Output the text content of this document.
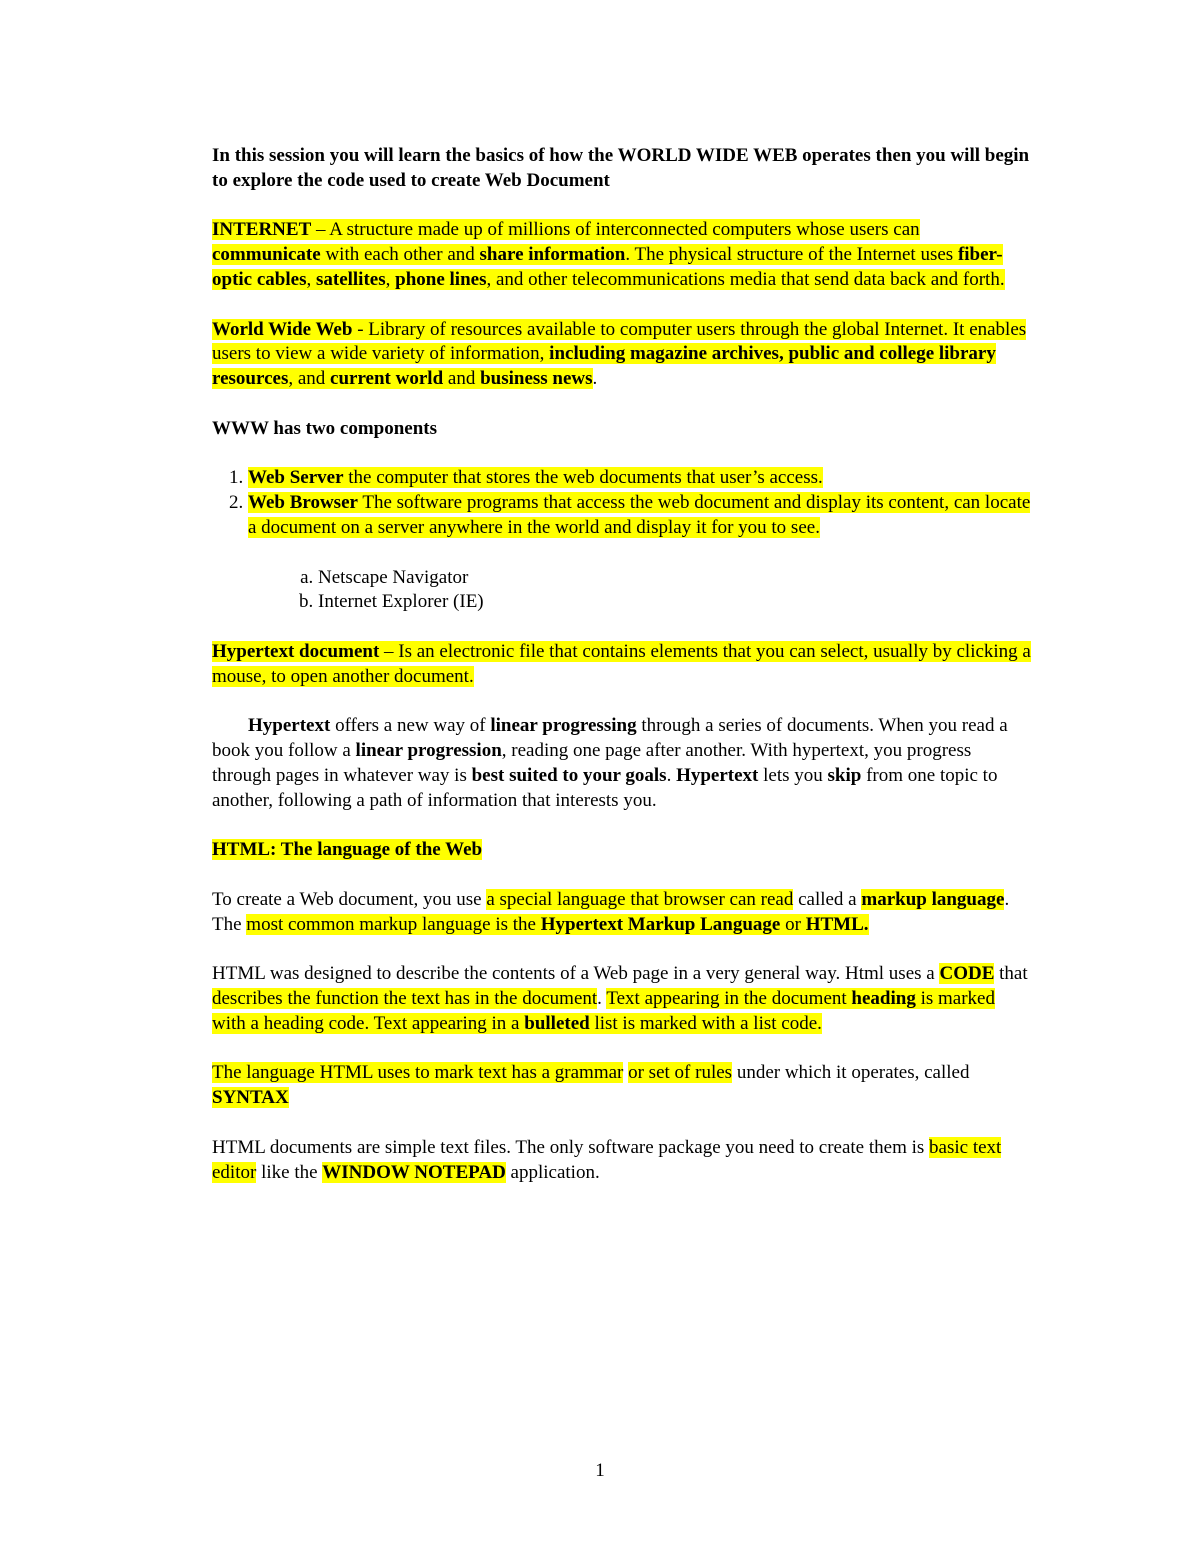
In this session you will learn the basics of how the WORLD WIDE WEB operates then you will begin to explore the code used to create Web Document

INTERNET – A structure made up of millions of interconnected computers whose users can communicate with each other and share information. The physical structure of the Internet uses fiber-optic cables, satellites, phone lines, and other telecommunications media that send data back and forth.

World Wide Web - Library of resources available to computer users through the global Internet. It enables users to view a wide variety of information, including magazine archives, public and college library resources, and current world and business news.

WWW has two components

1. Web Server the computer that stores the web documents that user’s access.
2. Web Browser The software programs that access the web document and display its content, can locate a document on a server anywhere in the world and display it for you to see.
a. Netscape Navigator
b. Internet Explorer (IE)

Hypertext document – Is an electronic file that contains elements that you can select, usually by clicking a mouse, to open another document.

Hypertext offers a new way of linear progressing through a series of documents. When you read a book you follow a linear progression, reading one page after another. With hypertext, you progress through pages in whatever way is best suited to your goals. Hypertext lets you skip from one topic to another, following a path of information that interests you.

HTML: The language of the Web

To create a Web document, you use a special language that browser can read called a markup language. The most common markup language is the Hypertext Markup Language or HTML.

HTML was designed to describe the contents of a Web page in a very general way. Html uses a CODE that describes the function the text has in the document. Text appearing in the document heading is marked with a heading code. Text appearing in a bulleted list is marked with a list code.

The language HTML uses to mark text has a grammar or set of rules under which it operates, called SYNTAX

HTML documents are simple text files. The only software package you need to create them is basic text editor like the WINDOW NOTEPAD application.

1
